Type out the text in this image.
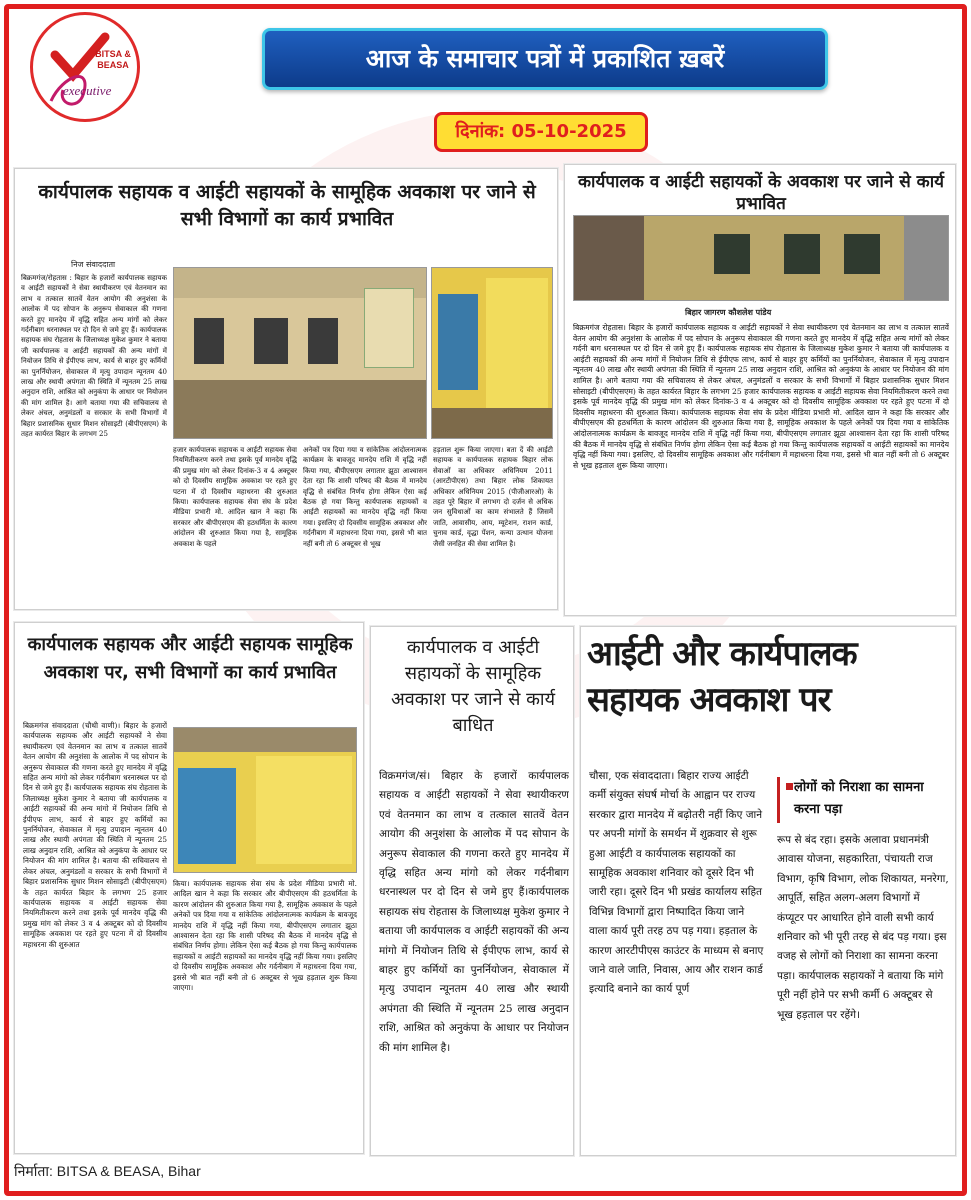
BITSA & BEASA
executive
आज के समाचार पत्रों में प्रकाशित ख़बरें
दिनांक: 05-10-2025
कार्यपालक सहायक व आईटी सहायकों के सामूहिक अवकाश पर जाने से सभी विभागों का कार्य प्रभावित
निज संवाददाता
बिक्रमगंज/रोहतास : बिहार के हजारों कार्यपालक सहायक व आईटी सहायकों ने सेवा स्थायीकरण एवं वेतनमान का लाभ व तत्काल सातवें वेतन आयोग की अनुशंसा के आलोक में पद सोपान के अनुरूप सेवाकाल की गणना करते हुए मानदेय में वृद्धि सहित अन्य मांगों को लेकर गर्दनीबाग धरनास्थल पर दो दिन से जमे हुए हैं। कार्यपालक सहायक संघ रोहतास के जिलाध्यक्ष मुकेश कुमार ने बताया जी कार्यपालक व आईटी सहायकों की अन्य मांगों में नियोजन तिथि से ईपीएफ लाभ, कार्य से बाहर हुए कर्मियों का पुनर्नियोजन, सेवाकाल में मृत्यु उपादान न्यूनतम 40 लाख और स्थायी अपंगता की स्थिति में न्यूनतम 25 लाख अनुदान राशि, आश्रित को अनुकंपा के आधार पर नियोजन की मांग शामिल है। आगे बताया गया की सचिवालय से लेकर अंचल, अनुमंडलों व सरकार के सभी विभागों में बिहार प्रशासनिक सुधार मिशन सोसाइटी (बीपीएसएम) के तहत कार्यरत बिहार के लगभग 25
हजार कार्यपालक सहायक व आईटी सहायक सेवा नियमितीकरण करने तथा इसके पूर्व मानदेय वृद्धि की प्रमुख मांग को लेकर दिनांक-3 व 4 अक्टूबर को दो दिवसीय सामूहिक अवकाश पर रहते हुए पटना में दो दिवसीय महाधरना की शुरुआत किया। कार्यपालक सहायक सेवा संघ के प्रदेश मीडिया प्रभारी मो. आदिल खान ने कहा कि सरकार और बीपीएसएम की हठधर्मिता के कारण आंदोलन की शुरुआत किया गया है, सामूहिक अवकाश के पहले
अनेकों पत्र दिया गया व सांकेतिक आंदोलनात्मक कार्यक्रम के बावजूद मानदेय राशि में वृद्धि नहीं किया गया, बीपीएसएम लगातार झूठा आश्वासन देता रहा कि शासी परिषद की बैठक में मानदेय वृद्धि से संबंधित निर्णय होगा लेकिन ऐसा कई बैठक हो गया किन्तु कार्यपालक सहायकों व आईटी सहायकों का मानदेय वृद्धि नहीं किया गया। इसलिए दो दिवसीय सामूहिक अवकाश और गर्दनीबाग में महाधरना दिया गया, इससे भी बात नहीं बनी तो 6 अक्टूबर से भूख
हड़ताल शुरू किया जाएगा। बता दें की आईटी सहायक व कार्यपालक सहायक बिहार लोक सेवाओं का अधिकार अधिनियम 2011 (आरटीपीएस) तथा बिहार लोक शिकायत अधिकार अधिनियम 2015 (पीजीआरओ) के तहत पूरे बिहार में लगभग दो दर्जन से अधिक जन सुविधाओं का काम संभालते हैं जिसमें जाति, आवासीय, आय, म्यूटेशन, राशन कार्ड, चुनाव कार्ड, वृद्धा पेंशन, कन्या उत्थान योजना जैसी जनहित की सेवा शामिल है।
कार्यपालक व आईटी सहायकों के अवकाश पर जाने से कार्य प्रभावित
बिहार जागरण कौशलेश पांडेय
बिक्रमगंज रोहतास। बिहार के हजारों कार्यपालक सहायक व आईटी सहायकों ने सेवा स्थायीकरण एवं वेतनमान का लाभ व तत्काल सातवें वेतन आयोग की अनुशंसा के आलोक में पद सोपान के अनुरूप सेवाकाल की गणना करते हुए मानदेय में वृद्धि सहित अन्य मांगों को लेकर गर्दनी बाग धरनास्थल पर दो दिन से जमे हुए हैं। कार्यपालक सहायक संघ रोहतास के जिलाध्यक्ष मुकेश कुमार ने बताया जी कार्यपालक व आईटी सहायकों की अन्य मांगों में नियोजन तिथि से ईपीएफ लाभ, कार्य से बाहर हुए कर्मियों का पुनर्नियोजन, सेवाकाल में मृत्यु उपादान न्यूनतम 40 लाख और स्थायी अपंगता की स्थिति में न्यूनतम 25 लाख अनुदान राशि, आश्रित को अनुकंपा के आधार पर नियोजन की मांग शामिल है। आगे बताया गया की सचिवालय से लेकर अंचल, अनुमंडलों व सरकार के सभी विभागों में बिहार प्रशासनिक सुधार मिशन सोसाइटी (बीपीएसएम) के तहत कार्यरत बिहार के लगभग 25 हजार कार्यपालक सहायक व आईटी सहायक सेवा नियमितीकरण करने तथा इसके पूर्व मानदेय वृद्धि की प्रमुख मांग को लेकर दिनांक-3 व 4 अक्टूबर को दो दिवसीय सामूहिक अवकाश पर रहते हुए पटना में दो दिवसीय महाधरना की शुरुआत किया। कार्यपालक सहायक सेवा संघ के प्रदेश मीडिया प्रभारी मो. आदिल खान ने कहा कि सरकार और बीपीएसएम की हठधर्मिता के कारण आंदोलन की शुरुआत किया गया है, सामूहिक अवकाश के पहले अनेकों पत्र दिया गया व सांकेतिक आंदोलनात्मक कार्यक्रम के बावजूद मानदेय राशि में वृद्धि नहीं किया गया, बीपीएसएम लगातार झूठा आश्वासन देता रहा कि शासी परिषद की बैठक में मानदेय वृद्धि से संबंधित निर्णय होगा लेकिन ऐसा कई बैठक हो गया किन्तु कार्यपालक सहायकों व आईटी सहायकों का मानदेय वृद्धि नहीं किया गया। इसलिए, दो दिवसीय सामूहिक अवकाश और गर्दनीबाग में महाधरना दिया गया, इससे भी बात नहीं बनी तो 6 अक्टूबर से भूख हड़ताल शुरू किया जाएगा।
कार्यपालक सहायक और आईटी सहायक सामूहिक अवकाश पर, सभी विभागों का कार्य प्रभावित
बिक्रमगंज संवाददाता (चौथी वाणी)। बिहार के हजारों कार्यपालक सहायक और आईटी सहायकों ने सेवा स्थायीकरण एवं वेतनमान का लाभ व तत्काल सातवें वेतन आयोग की अनुशंसा के आलोक में पद सोपान के अनुरूप सेवाकाल की गणना करते हुए मानदेय में वृद्धि सहित अन्य मांगो को लेकर गर्दनीबाग धरनास्थल पर दो दिन से जमे हुए हैं। कार्यपालक सहायक संघ रोहतास के जिलाध्यक्ष मुकेश कुमार ने बताया जी कार्यपालक व आईटी सहायकों की अन्य मांगो में नियोजन तिथि से ईपीएफ लाभ, कार्य से बाहर हुए कर्मियों का पुनर्नियोजन, सेवाकाल में मृत्यु उपादान न्यूनतम 40 लाख और स्थायी अपंगता की स्थिति में न्यूनतम 25 लाख अनुदान राशि, आश्रित को अनुकंपा के आधार पर नियोजन की मांग शामिल है। बताया की सचिवालय से लेकर अंचल, अनुमंडलों व सरकार के सभी विभागों में बिहार प्रशासनिक सुधार मिशन सोसाइटी (बीपीएसएम) के तहत कार्यरत बिहार के लगभग 25 हजार कार्यपालक सहायक व आईटी सहायक सेवा नियमितीकरण करने तथा इसके पूर्व मानदेय वृद्धि की प्रमुख मांग को लेकर 3 व 4 अक्टूबर को दो दिवसीय सामूहिक अवकाश पर रहते हुए पटना में दो दिवसीय महाधरना की शुरुआत
किया। कार्यपालक सहायक सेवा संघ के प्रदेश मीडिया प्रभारी मो. आदिल खान ने कहा कि सरकार और बीपीएसएम की हठधर्मिता के कारण आंदोलन की शुरुआत किया गया है, सामूहिक अवकाश के पहले अनेकों पत्र दिया गया व सांकेतिक आंदोलनात्मक कार्यक्रम के बावजूद मानदेय राशि में वृद्धि नहीं किया गया, बीपीएसएम लगातार झूठा आश्वासन देता रहा कि शासी परिषद की बैठक में मानदेय वृद्धि से संबंधित निर्णय होगा। लेकिन ऐसा कई बैठक हो गया किन्तु कार्यपालक सहायकों व आईटी सहायकों का मानदेय वृद्धि नहीं किया गया। इसलिए दो दिवसीय सामूहिक अवकाश और गर्दनीबाग में महाधरना दिया गया, इससे भी बात नहीं बनी तो 6 अक्टूबर से भूख हड़ताल शुरू किया जाएगा।
कार्यपालक व आईटी सहायकों के सामूहिक अवकाश पर जाने से कार्य बाधित
विक्रमगंज/सं। बिहार के हजारों कार्यपालक सहायक व आईटी सहायकों ने सेवा स्थायीकरण एवं वेतनमान का लाभ व तत्काल सातवें वेतन आयोग की अनुशंसा के आलोक में पद सोपान के अनुरूप सेवाकाल की गणना करते हुए मानदेय में वृद्धि सहित अन्य मांगो को लेकर गर्दनीबाग धरनास्थल पर दो दिन से जमे हुए हैं।कार्यपालक सहायक संघ रोहतास के जिलाध्यक्ष मुकेश कुमार ने बताया जी कार्यपालक व आईटी सहायकों की अन्य मांगो में नियोजन तिथि से ईपीएफ लाभ, कार्य से बाहर हुए कर्मियों का पुनर्नियोजन, सेवाकाल में मृत्यु उपादान न्यूनतम 40 लाख और स्थायी अपंगता की स्थिति में न्यूनतम 25 लाख अनुदान राशि, आश्रित को अनुकंपा के आधार पर नियोजन की मांग शामिल है।
आईटी और कार्यपालक सहायक अवकाश पर
चौसा, एक संवाददाता। बिहार राज्य आईटी कर्मी संयुक्त संघर्ष मोर्चा के आह्वान पर राज्य सरकार द्वारा मानदेय में बढ़ोतरी नहीं किए जाने पर अपनी मांगों के समर्थन में शुक्रवार से शुरू हुआ आईटी व कार्यपालक सहायकों का सामूहिक अवकाश शनिवार को दूसरे दिन भी जारी रहा। दूसरे दिन भी प्रखंड कार्यालय सहित विभिन्न विभागों द्वारा निष्पादित किया जाने वाला कार्य पूरी तरह ठप पड़ गया। हड़ताल के कारण आरटीपीएस काउंटर के माध्यम से बनाए जाने वाले जाति, निवास, आय और राशन कार्ड इत्यादि बनाने का कार्य पूर्ण
लोगों को निराशा का सामना करना पड़ा
रूप से बंद रहा। इसके अलावा प्रधानमंत्री आवास योजना, सहकारिता, पंचायती राज विभाग, कृषि विभाग, लोक शिकायत, मनरेगा, आपूर्ति, सहित अलग-अलग विभागों में कंप्यूटर पर आधारित होने वाली सभी कार्य शनिवार को भी पूरी तरह से बंद पड़ गया। इस वजह से लोगों को निराशा का सामना करना पड़ा। कार्यपालक सहायकों ने बताया कि मांगे पूरी नहीं होने पर सभी कर्मी 6 अक्टूबर से भूख हड़ताल पर रहेंगे।
निर्माता: BITSA & BEASA, Bihar
